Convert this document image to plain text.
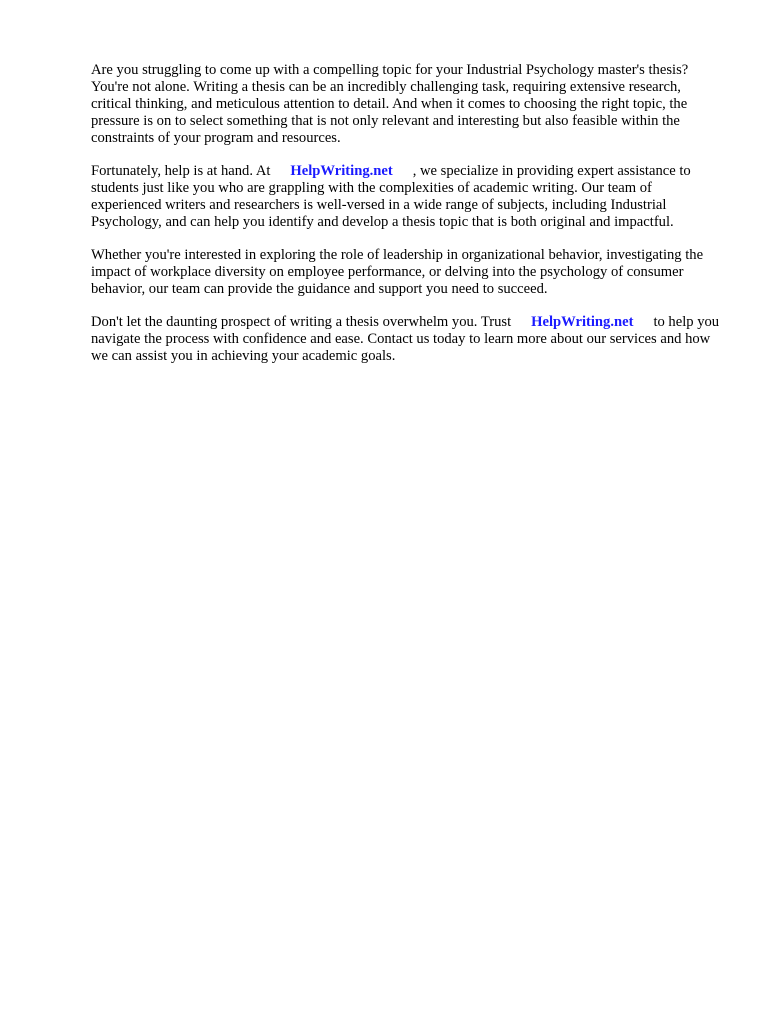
Are you struggling to come up with a compelling topic for your Industrial Psychology master's thesis? You're not alone. Writing a thesis can be an incredibly challenging task, requiring extensive research, critical thinking, and meticulous attention to detail. And when it comes to choosing the right topic, the pressure is on to select something that is not only relevant and interesting but also feasible within the constraints of your program and resources.

Fortunately, help is at hand. At HelpWriting.net , we specialize in providing expert assistance to students just like you who are grappling with the complexities of academic writing. Our team of experienced writers and researchers is well-versed in a wide range of subjects, including Industrial Psychology, and can help you identify and develop a thesis topic that is both original and impactful.

Whether you're interested in exploring the role of leadership in organizational behavior, investigating the impact of workplace diversity on employee performance, or delving into the psychology of consumer behavior, our team can provide the guidance and support you need to succeed.

Don't let the daunting prospect of writing a thesis overwhelm you. Trust HelpWriting.net to help you navigate the process with confidence and ease. Contact us today to learn more about our services and how we can assist you in achieving your academic goals.
